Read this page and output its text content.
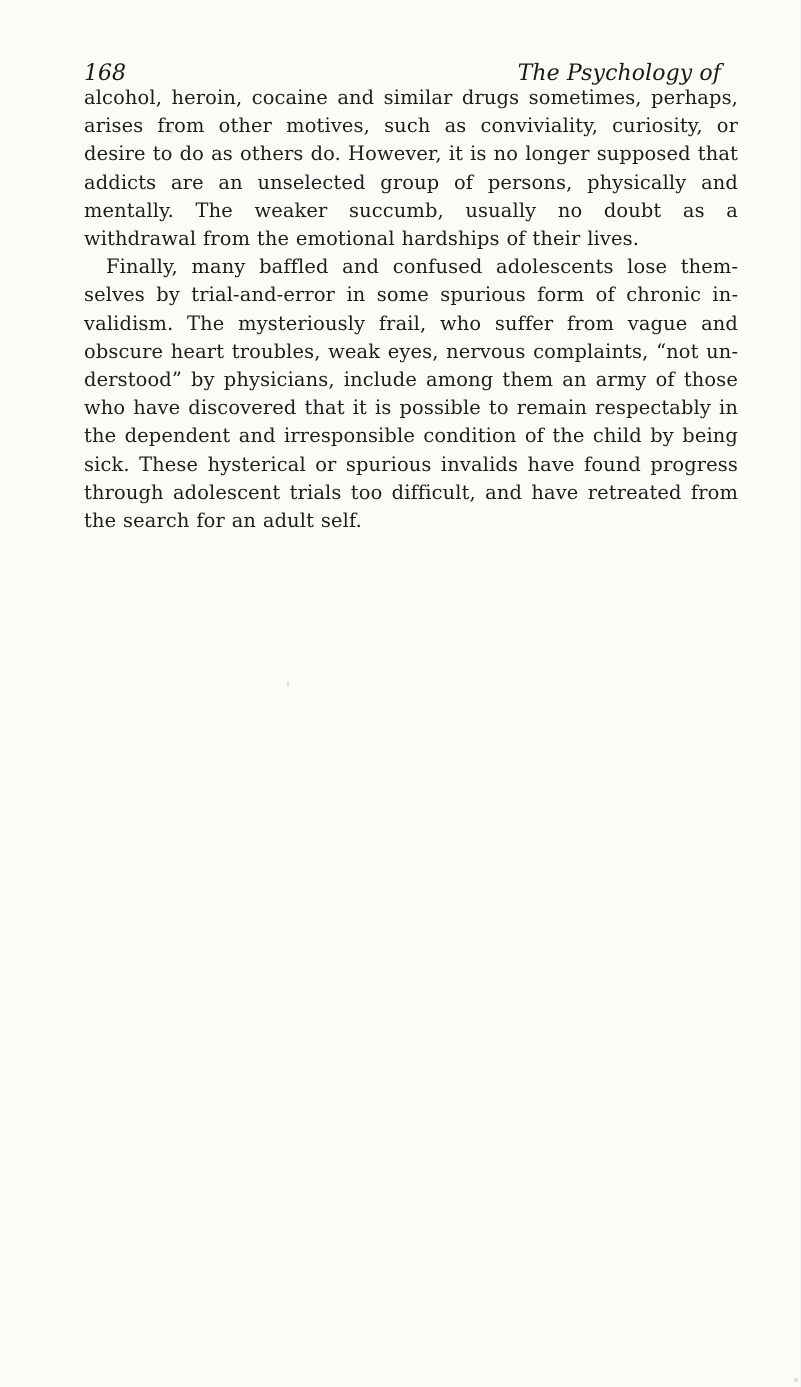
168	The Psychology of

alcohol, heroin, cocaine and similar drugs sometimes, perhaps, arises from other motives, such as conviviality, curiosity, or desire to do as others do. However, it is no longer supposed that addicts are an unselected group of persons, physically and mentally. The weaker succumb, usually no doubt as a withdrawal from the emotional hardships of their lives.

Finally, many baffled and confused adolescents lose themselves by trial-and-error in some spurious form of chronic invalidism. The mysteriously frail, who suffer from vague and obscure heart troubles, weak eyes, nervous complaints, “not understood” by physicians, include among them an army of those who have discovered that it is possible to remain respectably in the dependent and irresponsible condition of the child by being sick. These hysterical or spurious invalids have found progress through adolescent trials too difficult, and have retreated from the search for an adult self.
